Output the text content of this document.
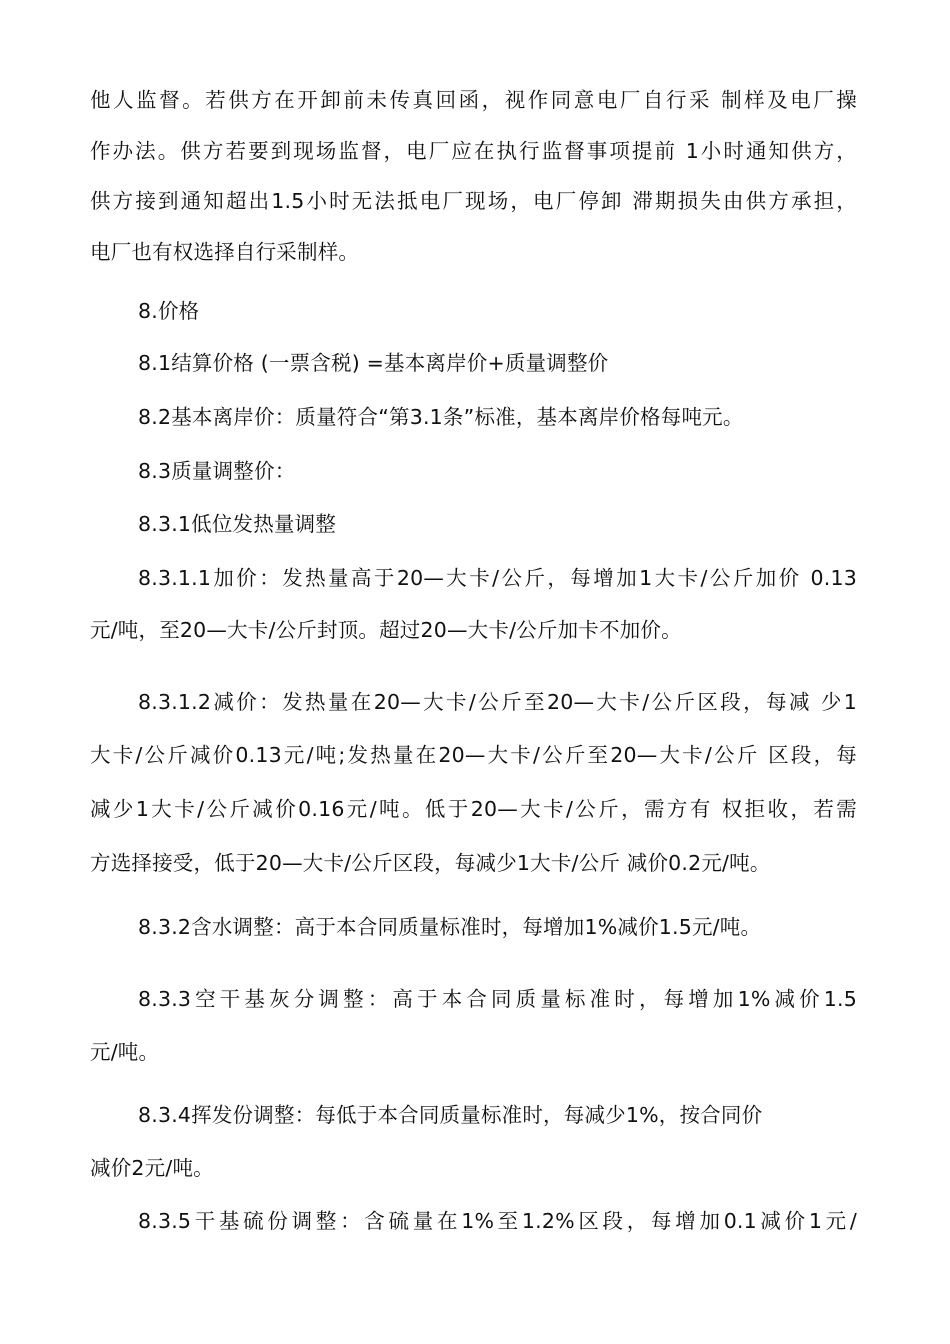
他人监督。若供方在开卸前未传真回函，视作同意电厂自行采 制样及电厂操
作办法。供方若要到现场监督，电厂应在执行监督事项提前 1小时通知供方，
供方接到通知超出1.5小时无法抵电厂现场，电厂停卸 滞期损失由供方承担，
电厂也有权选择自行采制样。
8.价格
8.1结算价格 (一票含税) =基本离岸价+质量调整价
8.2基本离岸价：质量符合“第3.1条”标准，基本离岸价格每吨元。
8.3质量调整价：
8.3.1低位发热量调整
8.3.1.1加价：发热量高于20—大卡/公斤，每增加1大卡/公斤加价 0.13
元/吨，至20—大卡/公斤封顶。超过20—大卡/公斤加卡不加价。
8.3.1.2减价：发热量在20—大卡/公斤至20—大卡/公斤区段，每减 少1
大卡/公斤减价0.13元/吨;发热量在20—大卡/公斤至20—大卡/公斤 区段，每
减少1大卡/公斤减价0.16元/吨。低于20—大卡/公斤，需方有 权拒收，若需
方选择接受，低于20—大卡/公斤区段，每减少1大卡/公斤 减价0.2元/吨。
8.3.2含水调整：高于本合同质量标准时，每增加1%减价1.5元/吨。
8.3.3空干基灰分调整：高于本合同质量标准时，每增加1%减价1.5
元/吨。
8.3.4挥发份调整：每低于本合同质量标准时，每减少1%，按合同价
减价2元/吨。
8.3.5干基硫份调整：含硫量在1%至1.2%区段，每增加0.1减价1元/
